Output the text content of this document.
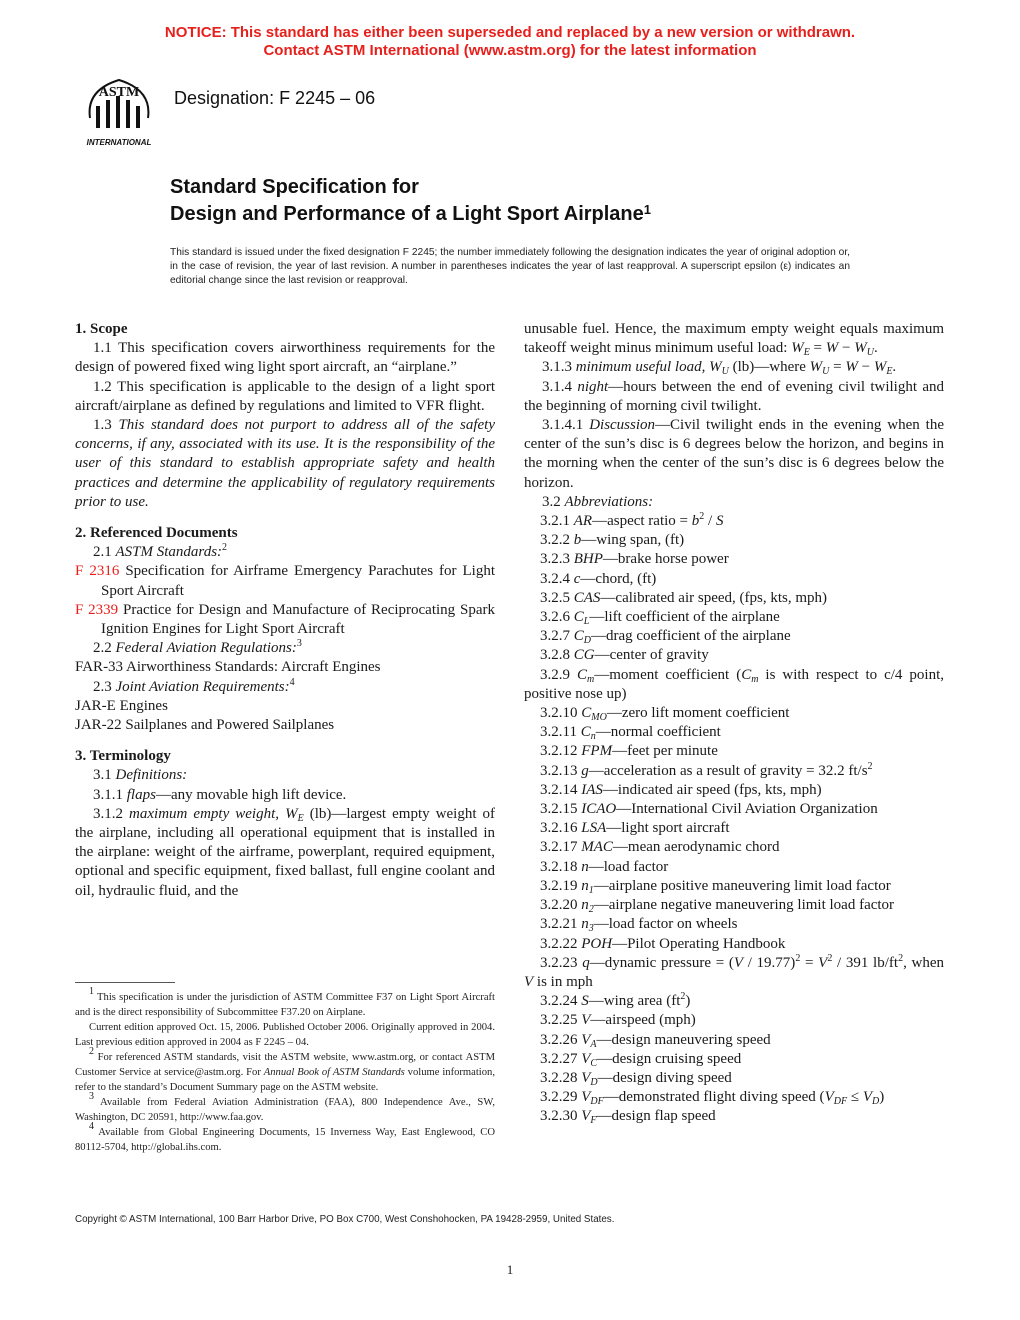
NOTICE: This standard has either been superseded and replaced by a new version or withdrawn.
Contact ASTM International (www.astm.org) for the latest information
ASTM
INTERNATIONAL
Designation: F 2245 – 06
Standard Specification for
Design and Performance of a Light Sport Airplane$^1$
This standard is issued under the fixed designation F 2245; the number immediately following the designation indicates the year of original adoption or, in the case of revision, the year of last revision. A number in parentheses indicates the year of last reapproval. A superscript epsilon (ε) indicates an editorial change since the last revision or reapproval.

1. Scope

1.1 This specification covers airworthiness requirements for the design of powered fixed wing light sport aircraft, an “airplane.”

1.2 This specification is applicable to the design of a light sport aircraft/airplane as defined by regulations and limited to VFR flight.

1.3 This standard does not purport to address all of the safety concerns, if any, associated with its use. It is the responsibility of the user of this standard to establish appropriate safety and health practices and determine the applicability of regulatory requirements prior to use.

2. Referenced Documents

2.1 ASTM Standards:$^2$

F 2316 Specification for Airframe Emergency Parachutes for Light Sport Aircraft

F 2339 Practice for Design and Manufacture of Reciprocating Spark Ignition Engines for Light Sport Aircraft

2.2 Federal Aviation Regulations:$^3$

FAR-33 Airworthiness Standards: Aircraft Engines

2.3 Joint Aviation Requirements:$^4$

JAR-E Engines

JAR-22 Sailplanes and Powered Sailplanes

3. Terminology

3.1 Definitions:

3.1.1 flaps—any movable high lift device.

3.1.2 maximum empty weight, $W_E$ (lb)—largest empty weight of the airplane, including all operational equipment that is installed in the airplane: weight of the airframe, powerplant, required equipment, optional and specific equipment, fixed ballast, full engine coolant and oil, hydraulic fluid, and the

unusable fuel. Hence, the maximum empty weight equals maximum takeoff weight minus minimum useful load: $W_E = W - W_U$.

3.1.3 minimum useful load, $W_U$ (lb)—where $W_U = W - W_E$.

3.1.4 night—hours between the end of evening civil twilight and the beginning of morning civil twilight.

3.1.4.1 Discussion—Civil twilight ends in the evening when the center of the sun’s disc is 6 degrees below the horizon, and begins in the morning when the center of the sun’s disc is 6 degrees below the horizon.

3.2 Abbreviations:

3.2.1 AR—aspect ratio = $b^2$ / S

3.2.2 b—wing span, (ft)

3.2.3 BHP—brake horse power

3.2.4 c—chord, (ft)

3.2.5 CAS—calibrated air speed, (fps, kts, mph)

3.2.6 $C_L—lift$ coefficient of the airplane

3.2.7 $C_D—drag$ coefficient of the airplane

3.2.8 CG—center of gravity

3.2.9 $C_m—moment$ coefficient ($C_m$ is with respect to c/4 point, positive nose up)

3.2.10 $C_{MO}—zero$ lift moment coefficient

3.2.11 $C_n—normal$ coefficient

3.2.12 FPM—feet per minute

3.2.13 g—acceleration as a result of gravity = 32.2 $ft/s^2$

3.2.14 IAS—indicated air speed (fps, kts, mph)

3.2.15 ICAO—International Civil Aviation Organization

3.2.16 LSA—light sport aircraft

3.2.17 MAC—mean aerodynamic chord

3.2.18 n—load factor

3.2.19 $n_1—airplane$ positive maneuvering limit load factor

3.2.20 $n_2—airplane$ negative maneuvering limit load factor

3.2.21 $n_3—load$ factor on wheels

3.2.22 POH—Pilot Operating Handbook

3.2.23 q—dynamic pressure = $(V / 19.77)^2 = V^2 / 391$ $lb/ft^2$, when V is in mph

3.2.24 S—wing area $(ft^2)$

3.2.25 V—airspeed (mph)

3.2.26 $V_A—design$ maneuvering speed

3.2.27 $V_C—design$ cruising speed

3.2.28 $V_D—design$ diving speed

3.2.29 $V_{DF}—demonstrated$ flight diving speed $(V_{DF} \le V_D)$

3.2.30 $V_F—design$ flap speed

$^1$ This specification is under the jurisdiction of ASTM Committee F37 on Light Sport Aircraft and is the direct responsibility of Subcommittee F37.20 on Airplane.

Current edition approved Oct. 15, 2006. Published October 2006. Originally approved in 2004. Last previous edition approved in 2004 as F 2245 – 04.

$^2$ For referenced ASTM standards, visit the ASTM website, www.astm.org, or contact ASTM Customer Service at service@astm.org. For Annual Book of ASTM Standards volume information, refer to the standard’s Document Summary page on the ASTM website.

$^3$ Available from Federal Aviation Administration (FAA), 800 Independence Ave., SW, Washington, DC 20591, http://www.faa.gov.

$^4$ Available from Global Engineering Documents, 15 Inverness Way, East Englewood, CO 80112-5704, http://global.ihs.com.

Copyright © ASTM International, 100 Barr Harbor Drive, PO Box C700, West Conshohocken, PA 19428-2959, United States.
1
